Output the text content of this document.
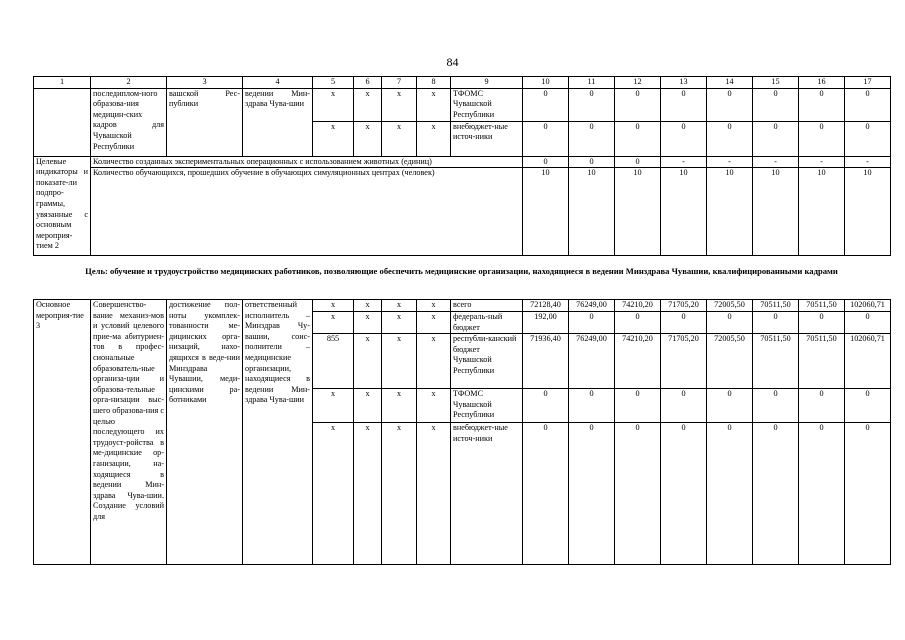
84
1	2	3	4	5	6	7	8	9	10	11	12	13	14	15	16	17
	последиплом-ного образова-ния медицин-ских кадров для Чувашской Республики	вашской Рес-публики	ведении Мин-здрава Чува-шии	x	x	x	x	ТФОМС Чувашской Республики	0	0	0	0	0	0	0	0
				x	x	x	x	внебюджет-ные источ-ники	0	0	0	0	0	0	0	0
Целевые индикаторы и показате-ли подпро-граммы, увязанные с основным мероприя-тием 2	Количество созданных экспериментальных операционных с использованием животных (единиц)								0	0	0	-	-	-	-	-
	Количество обучающихся, прошедших обучение в обучающих симуляционных центрах (человек)								10	10	10	10	10	10	10	10
Цель: обучение и трудоустройство медицинских работников, позволяющие обеспечить медицинские организации, находящиеся в ведении Минздрава Чувашии, квалифицированными кадрами
Основное мероприя-тие 3	Совершенство-вание механиз-мов и условий целевого прие-ма абитуриен-тов в профес-сиональные образователь-ные организа-ции и образова-тельные орга-низации выс-шего образова-ния с целью последующего их трудоуст-ройства в ме-дицинские ор-ганизации, на-ходящиеся в ведении Мин-здрава Чува-шии. Создание условий для	достижение пол-ноты укомплек-тованности ме-дицинских орга-низаций, нахо-дящихся в веде-нии Минздрава Чувашии, меди-цинскими ра-ботниками	ответственный исполнитель – Минздрав Чу-вашии, соис-полнители – медицинские организации, находящиеся в ведении Мин-здрава Чува-шии	x	x	x	x	всего	72128,40	76249,00	74210,20	71705,20	72005,50	70511,50	70511,50	102060,71
				x	x	x	x	федераль-ный бюджет	192,00	0	0	0	0	0	0	0
				855	x	x	x	республи-канский бюджет Чувашской Республики	71936,40	76249,00	74210,20	71705,20	72005,50	70511,50	70511,50	102060,71
				x	x	x	x	ТФОМС Чувашской Республики	0	0	0	0	0	0	0	0
				x	x	x	x	внебюджет-ные источ-ники	0	0	0	0	0	0	0	0
